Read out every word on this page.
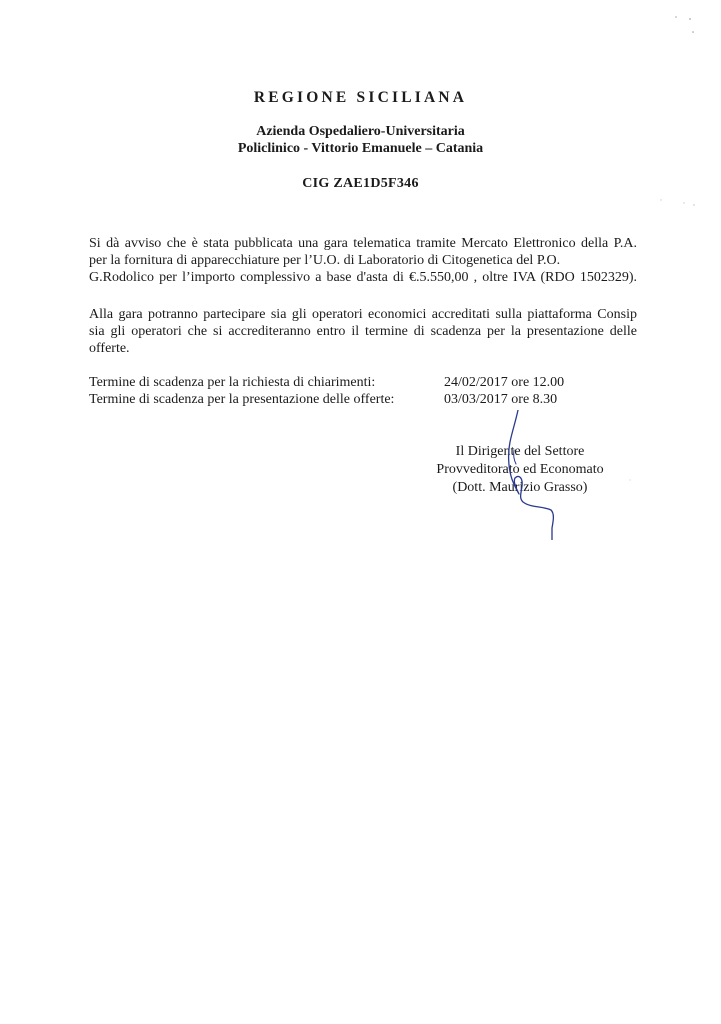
REGIONE SICILIANA
Azienda Ospedaliero-Universitaria
Policlinico - Vittorio Emanuele – Catania
CIG ZAE1D5F346
Si dà avviso che è stata pubblicata una gara telematica tramite Mercato Elettronico della P.A.
per la fornitura di apparecchiature per l’U.O. di Laboratorio di Citogenetica del P.O.
G.Rodolico per l’importo complessivo a base d'asta di €.5.550,00 , oltre IVA (RDO 1502329).
Alla gara potranno partecipare sia gli operatori economici accreditati sulla piattaforma Consip
sia gli operatori che si accrediteranno entro il termine di scadenza per la presentazione delle
offerte.
Termine di scadenza per la richiesta di chiarimenti:	24/02/2017 ore 12.00
Termine di scadenza per la presentazione delle offerte:	03/03/2017 ore 8.30
Il Dirigente del Settore
Provveditorato ed Economato
(Dott. Maurizio Grasso)
